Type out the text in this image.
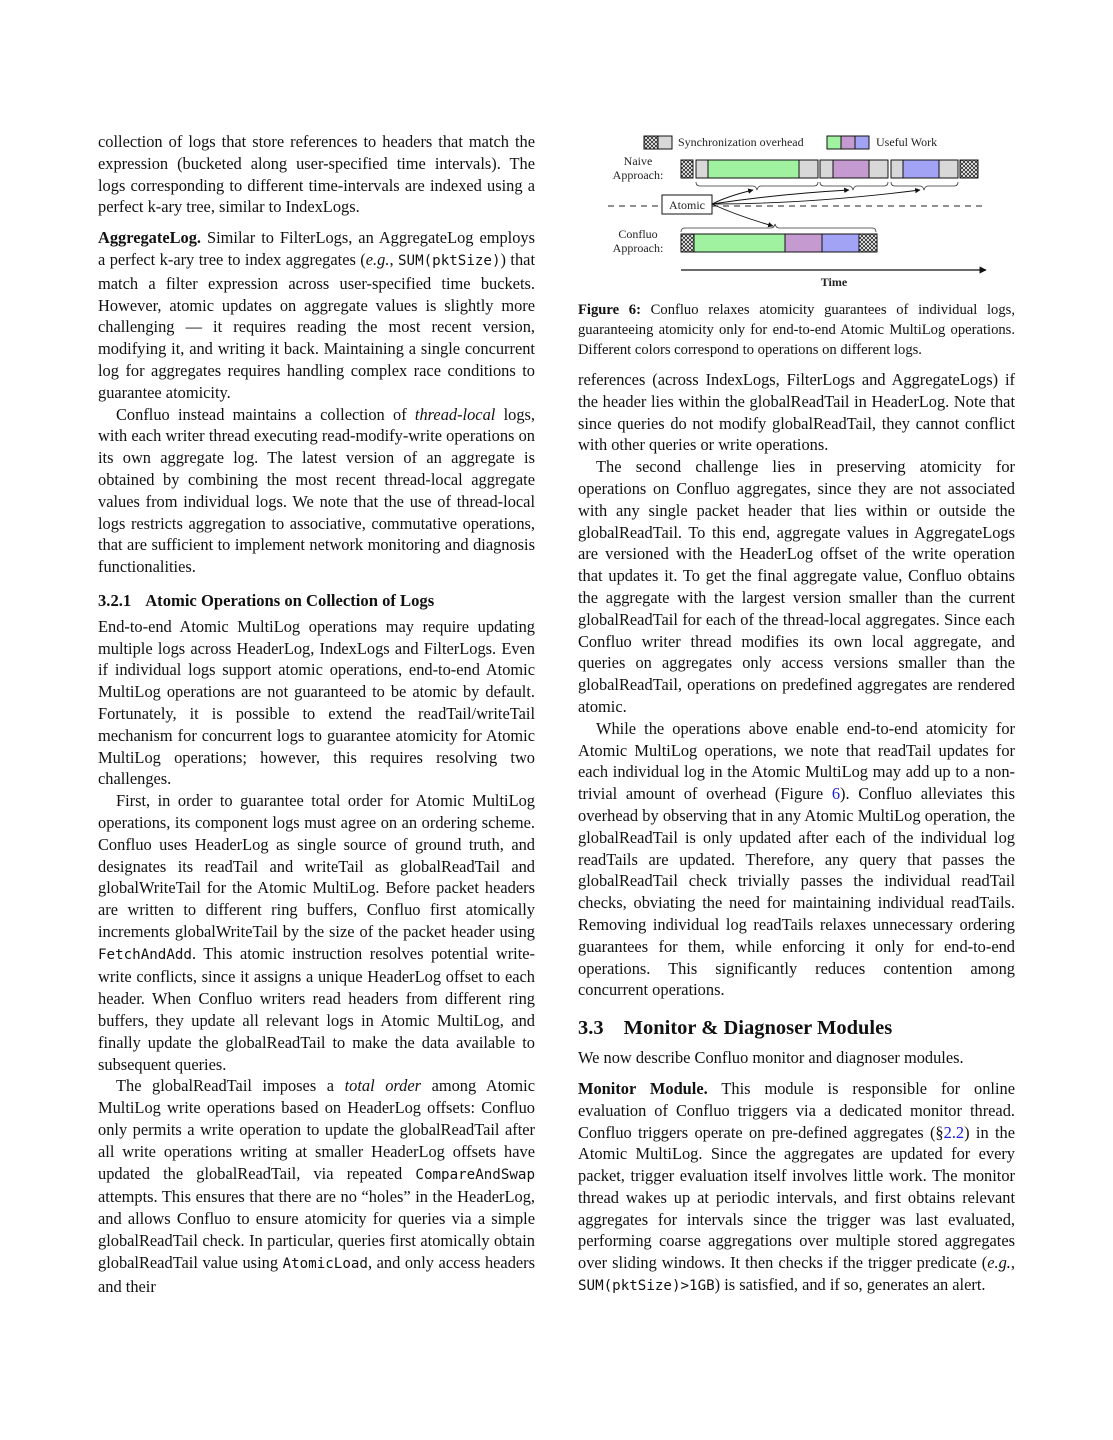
collection of logs that store references to headers that match the expression (bucketed along user-specified time intervals). The logs corresponding to different time-intervals are indexed using a perfect k-ary tree, similar to IndexLogs.

AggregateLog. Similar to FilterLogs, an AggregateLog employs a perfect k-ary tree to index aggregates (e.g., SUM(pktSize)) that match a filter expression across user-specified time buckets. However, atomic updates on aggregate values is slightly more challenging — it requires reading the most recent version, modifying it, and writing it back. Maintaining a single concurrent log for aggregates requires handling complex race conditions to guarantee atomicity.

Confluo instead maintains a collection of thread-local logs, with each writer thread executing read-modify-write operations on its own aggregate log. The latest version of an aggregate is obtained by combining the most recent thread-local aggregate values from individual logs. We note that the use of thread-local logs restricts aggregation to associative, commutative operations, that are sufficient to implement network monitoring and diagnosis functionalities.

3.2.1 Atomic Operations on Collection of Logs

End-to-end Atomic MultiLog operations may require updating multiple logs across HeaderLog, IndexLogs and FilterLogs. Even if individual logs support atomic operations, end-to-end Atomic MultiLog operations are not guaranteed to be atomic by default. Fortunately, it is possible to extend the readTail/writeTail mechanism for concurrent logs to guarantee atomicity for Atomic MultiLog operations; however, this requires resolving two challenges.

First, in order to guarantee total order for Atomic MultiLog operations, its component logs must agree on an ordering scheme. Confluo uses HeaderLog as single source of ground truth, and designates its readTail and writeTail as globalReadTail and globalWriteTail for the Atomic MultiLog. Before packet headers are written to different ring buffers, Confluo first atomically increments globalWriteTail by the size of the packet header using FetchAndAdd. This atomic instruction resolves potential write-write conflicts, since it assigns a unique HeaderLog offset to each header. When Confluo writers read headers from different ring buffers, they update all relevant logs in Atomic MultiLog, and finally update the globalReadTail to make the data available to subsequent queries.

The globalReadTail imposes a total order among Atomic MultiLog write operations based on HeaderLog offsets: Confluo only permits a write operation to update the globalReadTail after all write operations writing at smaller HeaderLog offsets have updated the globalReadTail, via repeated CompareAndSwap attempts. This ensures that there are no “holes” in the HeaderLog, and allows Confluo to ensure atomicity for queries via a simple globalReadTail check. In particular, queries first atomically obtain globalReadTail value using AtomicLoad, and only access headers and their

Synchronization overhead	Useful Work
Naive
Approach:
Confluo
Approach:
Atomic
Time
Figure 6: Confluo relaxes atomicity guarantees of individual logs, guaranteeing atomicity only for end-to-end Atomic MultiLog operations. Different colors correspond to operations on different logs.

references (across IndexLogs, FilterLogs and AggregateLogs) if the header lies within the globalReadTail in HeaderLog. Note that since queries do not modify globalReadTail, they cannot conflict with other queries or write operations.

The second challenge lies in preserving atomicity for operations on Confluo aggregates, since they are not associated with any single packet header that lies within or outside the globalReadTail. To this end, aggregate values in AggregateLogs are versioned with the HeaderLog offset of the write operation that updates it. To get the final aggregate value, Confluo obtains the aggregate with the largest version smaller than the current globalReadTail for each of the thread-local aggregates. Since each Confluo writer thread modifies its own local aggregate, and queries on aggregates only access versions smaller than the globalReadTail, operations on predefined aggregates are rendered atomic.

While the operations above enable end-to-end atomicity for Atomic MultiLog operations, we note that readTail updates for each individual log in the Atomic MultiLog may add up to a non-trivial amount of overhead (Figure 6). Confluo alleviates this overhead by observing that in any Atomic MultiLog operation, the globalReadTail is only updated after each of the individual log readTails are updated. Therefore, any query that passes the globalReadTail check trivially passes the individual readTail checks, obviating the need for maintaining individual readTails. Removing individual log readTails relaxes unnecessary ordering guarantees for them, while enforcing it only for end-to-end operations. This significantly reduces contention among concurrent operations.

3.3 Monitor & Diagnoser Modules

We now describe Confluo monitor and diagnoser modules.

Monitor Module. This module is responsible for online evaluation of Confluo triggers via a dedicated monitor thread. Confluo triggers operate on pre-defined aggregates (§2.2) in the Atomic MultiLog. Since the aggregates are updated for every packet, trigger evaluation itself involves little work. The monitor thread wakes up at periodic intervals, and first obtains relevant aggregates for intervals since the trigger was last evaluated, performing coarse aggregations over multiple stored aggregates over sliding windows. It then checks if the trigger predicate (e.g., SUM(pktSize)>1GB) is satisfied, and if so, generates an alert.
